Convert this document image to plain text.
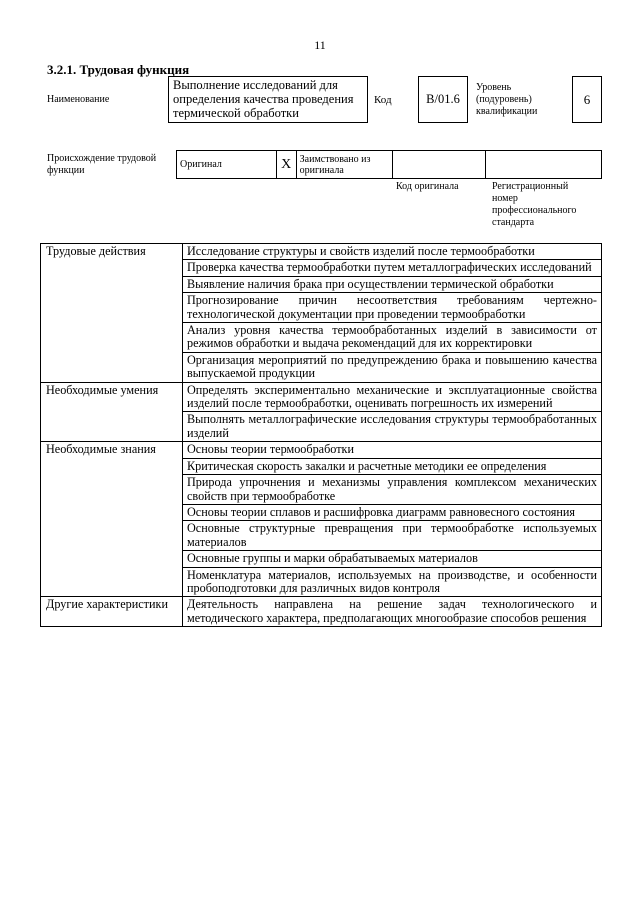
11
3.2.1. Трудовая функция
Наименование
Выполнение исследований для определения качества проведения термической обработки
Код	B/01.6
Уровень (подуровень) квалификации
6
Происхождение трудовой функции
Оригинал	X	Заимствовано из оригинала		
Код оригинала	Регистрационный номер профессионального стандарта
Трудовые действия	Исследование структуры и свойств изделий после термообработки
	Проверка качества термообработки путем металлографических исследований
	Выявление наличия брака при осуществлении термической обработки
	Прогнозирование причин несоответствия требованиям чертежно-технологической документации при проведении термообработки
	Анализ уровня качества термообработанных изделий в зависимости от режимов обработки и выдача рекомендаций для их корректировки
	Организация мероприятий по предупреждению брака и повышению качества выпускаемой продукции
Необходимые умения	Определять экспериментально механические и эксплуатационные свойства изделий после термообработки, оценивать погрешность их измерений
	Выполнять металлографические исследования структуры термообработанных изделий
Необходимые знания	Основы теории термообработки
	Критическая скорость закалки и расчетные методики ее определения
	Природа упрочнения и механизмы управления комплексом механических свойств при термообработке
	Основы теории сплавов и расшифровка диаграмм равновесного состояния
	Основные структурные превращения при термообработке используемых материалов
	Основные группы и марки обрабатываемых материалов
	Номенклатура материалов, используемых на производстве, и особенности пробоподготовки для различных видов контроля
Другие характеристики	Деятельность направлена на решение задач технологического и методического характера, предполагающих многообразие способов решения
